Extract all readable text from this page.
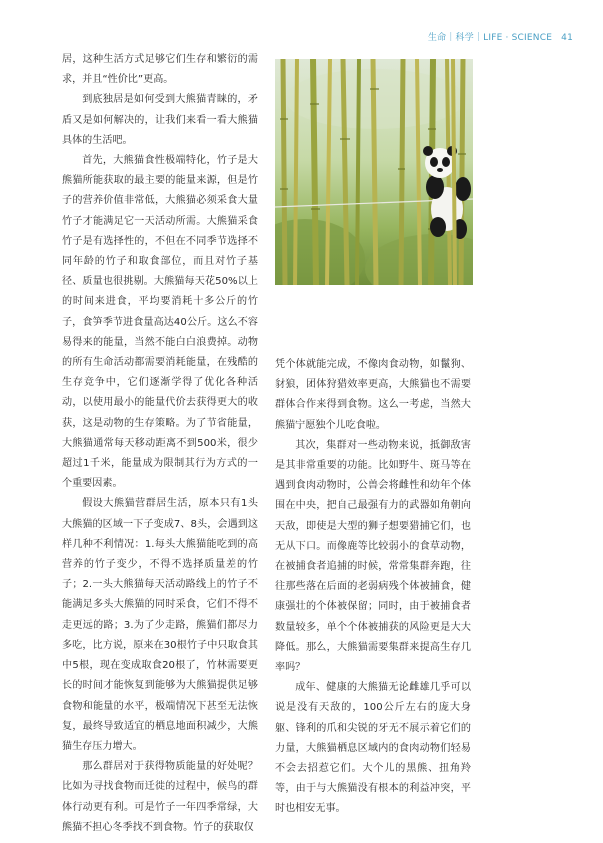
生命｜科学｜LIFE · SCIENCE 41

居，这种生活方式足够它们生存和繁衍的需求，并且“性价比”更高。

到底独居是如何受到大熊猫青睐的，矛盾又是如何解决的，让我们来看一看大熊猫具体的生活吧。

首先，大熊猫食性极端特化，竹子是大熊猫所能获取的最主要的能量来源，但是竹子的营养价值非常低，大熊猫必须采食大量竹子才能满足它一天活动所需。大熊猫采食竹子是有选择性的，不但在不同季节选择不同年龄的竹子和取食部位，而且对竹子基径、质量也很挑剔。大熊猫每天花50%以上的时间来进食，平均要消耗十多公斤的竹子，食笋季节进食量高达40公斤。这么不容易得来的能量，当然不能白白浪费掉。动物的所有生命活动都需要消耗能量，在残酷的生存竞争中，它们逐渐学得了优化各种活动，以使用最小的能量代价去获得更大的收获，这是动物的生存策略。为了节省能量，大熊猫通常每天移动距离不到500米，很少超过1千米，能量成为限制其行为方式的一个重要因素。

假设大熊猫营群居生活，原本只有1头大熊猫的区域一下子变成7、8头，会遇到这样几种不利情况：1.每头大熊猫能吃到的高营养的竹子变少，不得不选择质量差的竹子；2.一头大熊猫每天活动路线上的竹子不能满足多头大熊猫的同时采食，它们不得不走更远的路；3.为了少走路，熊猫们都尽力多吃，比方说，原来在30根竹子中只取食其中5根，现在变成取食20根了，竹林需要更长的时间才能恢复到能够为大熊猫提供足够食物和能量的水平，极端情况下甚至无法恢复，最终导致适宜的栖息地面积减少，大熊猫生存压力增大。

那么群居对于获得物质能量的好处呢？比如为寻找食物而迁徙的过程中，候鸟的群体行动更有利。可是竹子一年四季常绿，大熊猫不担心冬季找不到食物。竹子的获取仅

凭个体就能完成，不像肉食动物，如鬣狗、豺狼，团体狩猎效率更高，大熊猫也不需要群体合作来得到食物。这么一考虑，当然大熊猫宁愿独个儿吃食啦。

其次，集群对一些动物来说，抵御敌害是其非常重要的功能。比如野牛、斑马等在遇到食肉动物时，公兽会将雌性和幼年个体围在中央，把自己最强有力的武器如角朝向天敌，即使是大型的狮子想要猎捕它们，也无从下口。而像鹿等比较弱小的食草动物，在被捕食者追捕的时候，常常集群奔跑，往往那些落在后面的老弱病残个体被捕食，健康强壮的个体被保留；同时，由于被捕食者数量较多，单个个体被捕获的风险更是大大降低。那么，大熊猫需要集群来提高生存几率吗？

成年、健康的大熊猫无论雌雄几乎可以说是没有天敌的，100公斤左右的庞大身躯、锋利的爪和尖锐的牙无不展示着它们的力量，大熊猫栖息区域内的食肉动物们轻易不会去招惹它们。大个儿的黑熊、扭角羚等，由于与大熊猫没有根本的利益冲突，平时也相安无事。
